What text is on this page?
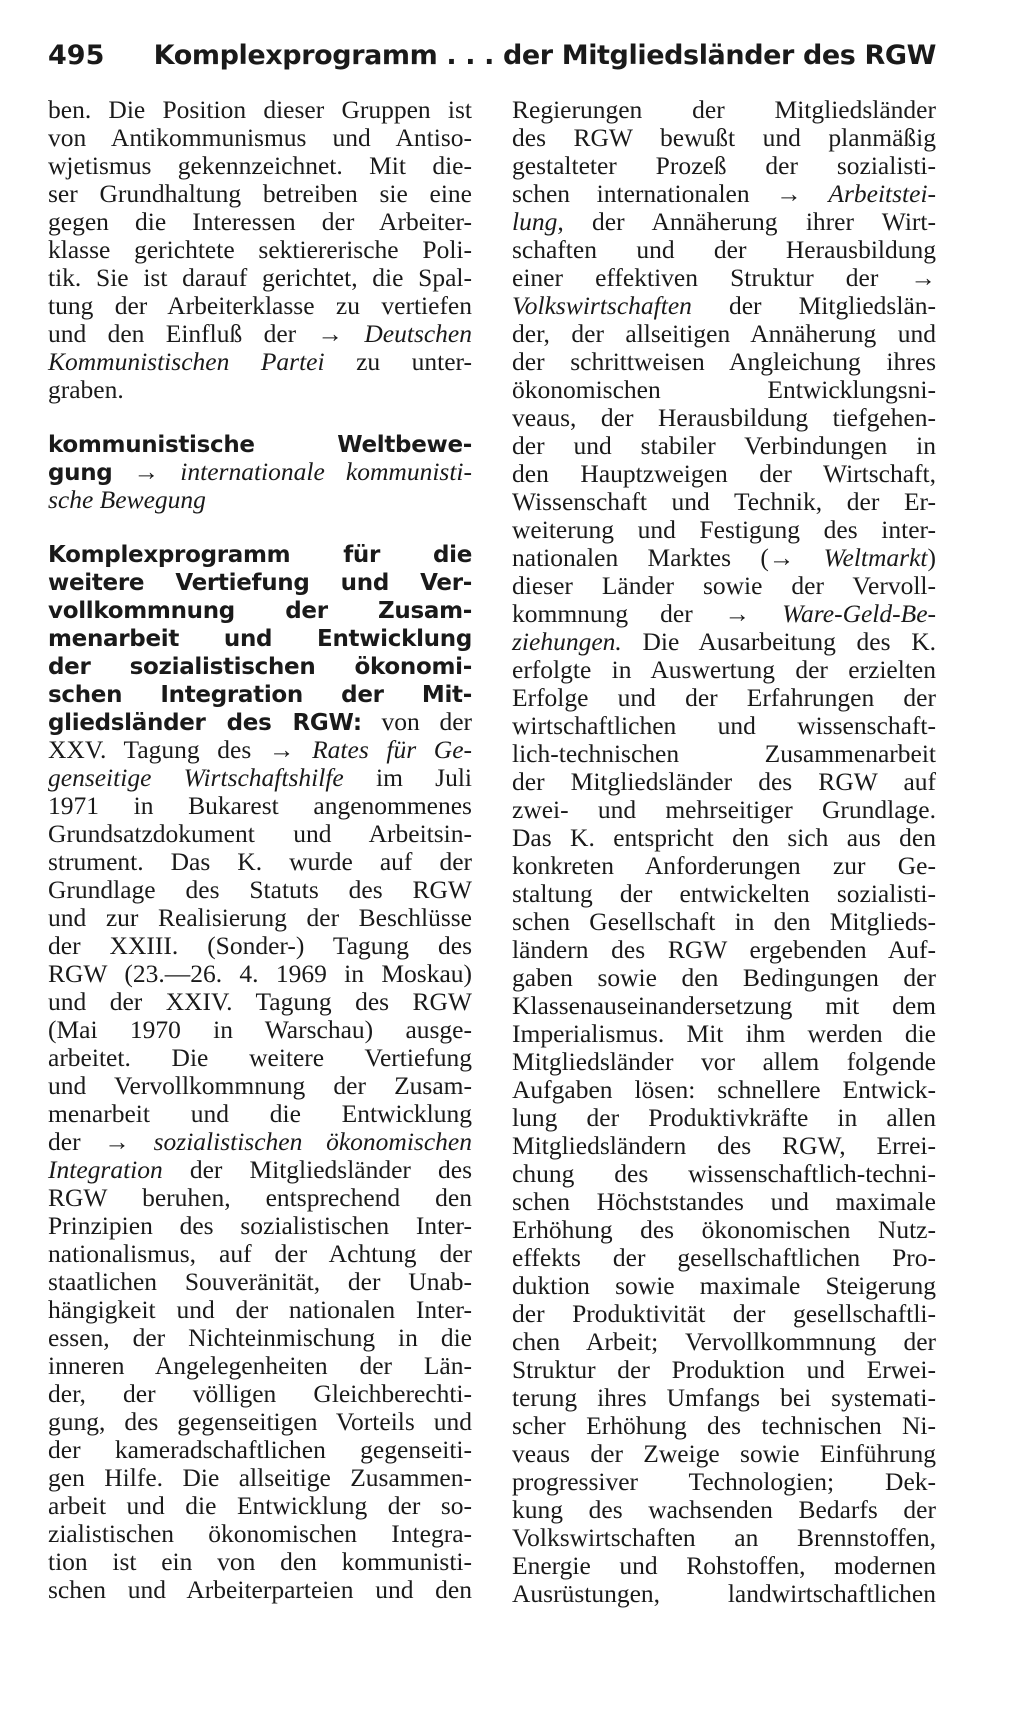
495 Komplexprogramm . . . der Mitgliedsländer des RGW
ben. Die Position dieser Gruppen ist
von Antikommunismus und Antiso-
wjetismus gekennzeichnet. Mit die-
ser Grundhaltung betreiben sie eine
gegen die Interessen der Arbeiter-
klasse gerichtete sektiererische Poli-
tik. Sie ist darauf gerichtet, die Spal-
tung der Arbeiterklasse zu vertiefen
und den Einfluß der → Deutschen
Kommunistischen Partei zu unter-
graben.
kommunistische Weltbewe-
gung → internationale kommunisti-
sche Bewegung
Komplexprogramm für die
weitere Vertiefung und Ver-
vollkommnung der Zusam-
menarbeit und Entwicklung
der sozialistischen ökonomi-
schen Integration der Mit-
gliedsländer des RGW: von der
XXV. Tagung des → Rates für Ge-
genseitige Wirtschaftshilfe im Juli
1971 in Bukarest angenommenes
Grundsatzdokument und Arbeitsin-
strument. Das K. wurde auf der
Grundlage des Statuts des RGW
und zur Realisierung der Beschlüsse
der XXIII. (Sonder-) Tagung des
RGW (23.—26. 4. 1969 in Moskau)
und der XXIV. Tagung des RGW
(Mai 1970 in Warschau) ausge-
arbeitet. Die weitere Vertiefung
und Vervollkommnung der Zusam-
menarbeit und die Entwicklung
der → sozialistischen ökonomischen
Integration der Mitgliedsländer des
RGW beruhen, entsprechend den
Prinzipien des sozialistischen Inter-
nationalismus, auf der Achtung der
staatlichen Souveränität, der Unab-
hängigkeit und der nationalen Inter-
essen, der Nichteinmischung in die
inneren Angelegenheiten der Län-
der, der völligen Gleichberechti-
gung, des gegenseitigen Vorteils und
der kameradschaftlichen gegenseiti-
gen Hilfe. Die allseitige Zusammen-
arbeit und die Entwicklung der so-
zialistischen ökonomischen Integra-
tion ist ein von den kommunisti-
schen und Arbeiterparteien und den
Regierungen der Mitgliedsländer
des RGW bewußt und planmäßig
gestalteter Prozeß der sozialisti-
schen internationalen → Arbeitstei-
lung, der Annäherung ihrer Wirt-
schaften und der Herausbildung
einer effektiven Struktur der →
Volkswirtschaften der Mitgliedslän-
der, der allseitigen Annäherung und
der schrittweisen Angleichung ihres
ökonomischen Entwicklungsni-
veaus, der Herausbildung tiefgehen-
der und stabiler Verbindungen in
den Hauptzweigen der Wirtschaft,
Wissenschaft und Technik, der Er-
weiterung und Festigung des inter-
nationalen Marktes (→ Weltmarkt)
dieser Länder sowie der Vervoll-
kommnung der → Ware-Geld-Be-
ziehungen. Die Ausarbeitung des K.
erfolgte in Auswertung der erzielten
Erfolge und der Erfahrungen der
wirtschaftlichen und wissenschaft-
lich-technischen Zusammenarbeit
der Mitgliedsländer des RGW auf
zwei- und mehrseitiger Grundlage.
Das K. entspricht den sich aus den
konkreten Anforderungen zur Ge-
staltung der entwickelten sozialisti-
schen Gesellschaft in den Mitglieds-
ländern des RGW ergebenden Auf-
gaben sowie den Bedingungen der
Klassenauseinandersetzung mit dem
Imperialismus. Mit ihm werden die
Mitgliedsländer vor allem folgende
Aufgaben lösen: schnellere Entwick-
lung der Produktivkräfte in allen
Mitgliedsländern des RGW, Errei-
chung des wissenschaftlich-techni-
schen Höchststandes und maximale
Erhöhung des ökonomischen Nutz-
effekts der gesellschaftlichen Pro-
duktion sowie maximale Steigerung
der Produktivität der gesellschaftli-
chen Arbeit; Vervollkommnung der
Struktur der Produktion und Erwei-
terung ihres Umfangs bei systemati-
scher Erhöhung des technischen Ni-
veaus der Zweige sowie Einführung
progressiver Technologien; Dek-
kung des wachsenden Bedarfs der
Volkswirtschaften an Brennstoffen,
Energie und Rohstoffen, modernen
Ausrüstungen, landwirtschaftlichen
